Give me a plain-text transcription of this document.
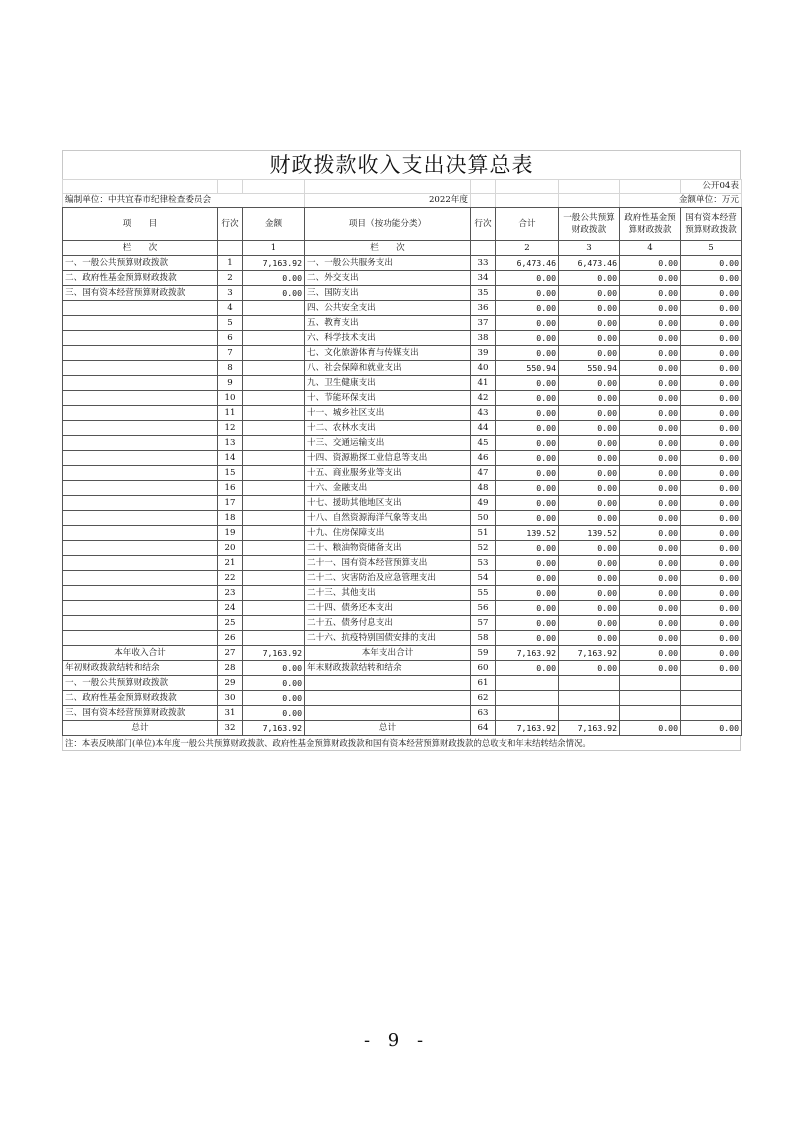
财政拨款收入支出决算总表
								公开04表
编制单位：中共宜春市纪律检查委员会			2022年度				金额单位：万元	
项　　目	行次	金额	项目（按功能分类）	行次	合计	一般公共预算财政拨款	政府性基金预算财政拨款	国有资本经营预算财政拨款
栏　　次		1	栏　　次		2	3	4	5
一、一般公共预算财政拨款	1	7,163.92	一、一般公共服务支出	33	6,473.46	6,473.46	0.00	0.00
二、政府性基金预算财政拨款	2	0.00	二、外交支出	34	0.00	0.00	0.00	0.00
三、国有资本经营预算财政拨款	3	0.00	三、国防支出	35	0.00	0.00	0.00	0.00
	4		四、公共安全支出	36	0.00	0.00	0.00	0.00
	5		五、教育支出	37	0.00	0.00	0.00	0.00
	6		六、科学技术支出	38	0.00	0.00	0.00	0.00
	7		七、文化旅游体育与传媒支出	39	0.00	0.00	0.00	0.00
	8		八、社会保障和就业支出	40	550.94	550.94	0.00	0.00
	9		九、卫生健康支出	41	0.00	0.00	0.00	0.00
	10		十、节能环保支出	42	0.00	0.00	0.00	0.00
	11		十一、城乡社区支出	43	0.00	0.00	0.00	0.00
	12		十二、农林水支出	44	0.00	0.00	0.00	0.00
	13		十三、交通运输支出	45	0.00	0.00	0.00	0.00
	14		十四、资源勘探工业信息等支出	46	0.00	0.00	0.00	0.00
	15		十五、商业服务业等支出	47	0.00	0.00	0.00	0.00
	16		十六、金融支出	48	0.00	0.00	0.00	0.00
	17		十七、援助其他地区支出	49	0.00	0.00	0.00	0.00
	18		十八、自然资源海洋气象等支出	50	0.00	0.00	0.00	0.00
	19		十九、住房保障支出	51	139.52	139.52	0.00	0.00
	20		二十、粮油物资储备支出	52	0.00	0.00	0.00	0.00
	21		二十一、国有资本经营预算支出	53	0.00	0.00	0.00	0.00
	22		二十二、灾害防治及应急管理支出	54	0.00	0.00	0.00	0.00
	23		二十三、其他支出	55	0.00	0.00	0.00	0.00
	24		二十四、债务还本支出	56	0.00	0.00	0.00	0.00
	25		二十五、债务付息支出	57	0.00	0.00	0.00	0.00
	26		二十六、抗疫特别国债安排的支出	58	0.00	0.00	0.00	0.00
本年收入合计	27	7,163.92	本年支出合计	59	7,163.92	7,163.92	0.00	0.00
年初财政拨款结转和结余	28	0.00	年末财政拨款结转和结余	60	0.00	0.00	0.00	0.00
一、一般公共预算财政拨款	29	0.00		61				
二、政府性基金预算财政拨款	30	0.00		62				
三、国有资本经营预算财政拨款	31	0.00		63				
总计	32	7,163.92	总计	64	7,163.92	7,163.92	0.00	0.00
注：本表反映部门(单位)本年度一般公共预算财政拨款、政府性基金预算财政拨款和国有资本经营预算财政拨款的总收支和年末结转结余情况。
- 9 -
